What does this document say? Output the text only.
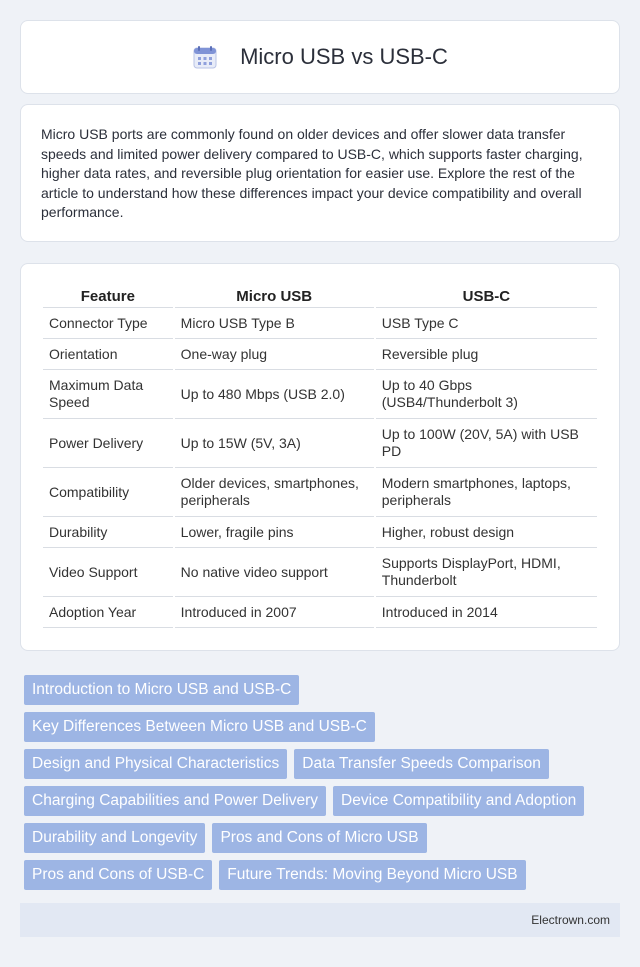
Micro USB vs USB-C

Micro USB ports are commonly found on older devices and offer slower data transfer speeds and limited power delivery compared to USB-C, which supports faster charging, higher data rates, and reversible plug orientation for easier use. Explore the rest of the article to understand how these differences impact your device compatibility and overall performance.

Feature	Micro USB	USB-C
Connector Type	Micro USB Type B	USB Type C
Orientation	One-way plug	Reversible plug
Maximum Data Speed	Up to 480 Mbps (USB 2.0)	Up to 40 Gbps (USB4/Thunderbolt 3)
Power Delivery	Up to 15W (5V, 3A)	Up to 100W (20V, 5A) with USB PD
Compatibility	Older devices, smartphones, peripherals	Modern smartphones, laptops, peripherals
Durability	Lower, fragile pins	Higher, robust design
Video Support	No native video support	Supports DisplayPort, HDMI, Thunderbolt
Adoption Year	Introduced in 2007	Introduced in 2014
Introduction to Micro USB and USB-C
Key Differences Between Micro USB and USB-C
Design and Physical Characteristics	Data Transfer Speeds Comparison
Charging Capabilities and Power Delivery	Device Compatibility and Adoption
Durability and Longevity	Pros and Cons of Micro USB
Pros and Cons of USB-C	Future Trends: Moving Beyond Micro USB
Electrown.com
